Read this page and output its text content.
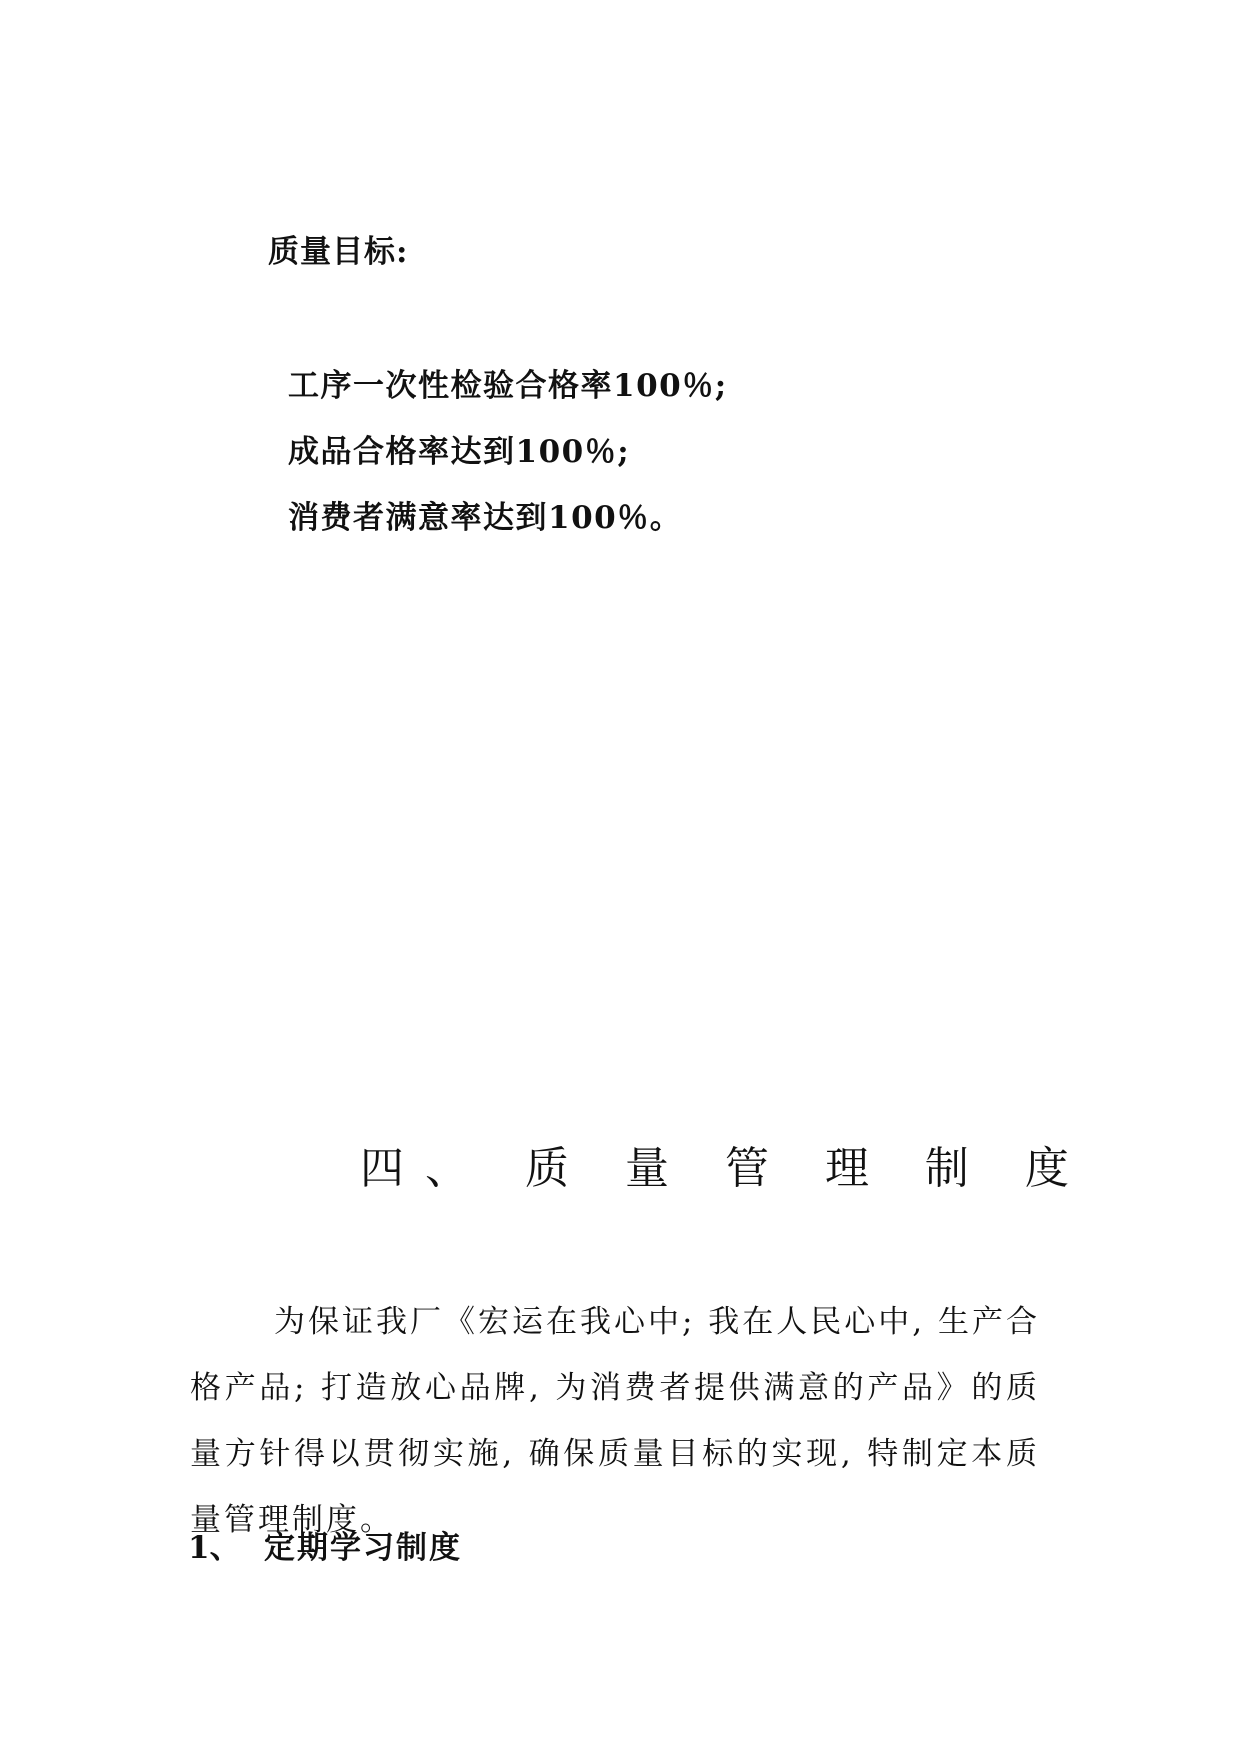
质量目标:
工序一次性检验合格率100％;
成品合格率达到100％;
消费者满意率达到100％。
四、 质 量 管 理 制 度

为保证我厂《宏运在我心中; 我在人民心中, 生产合格产品; 打造放心品牌, 为消费者提供满意的产品》的质量方针得以贯彻实施, 确保质量目标的实现, 特制定本质量管理制度。

1、 定期学习制度
